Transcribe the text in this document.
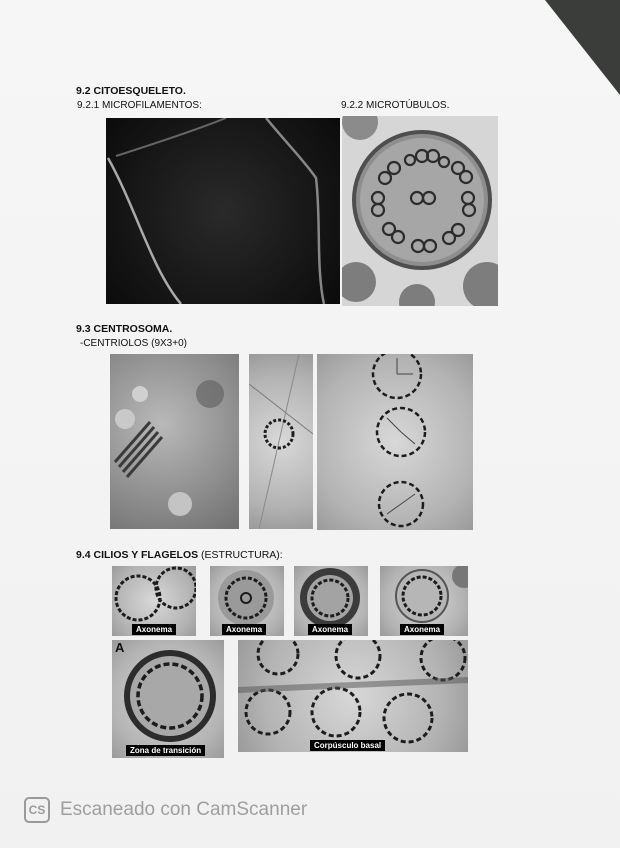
9.2 CITOESQUELETO.
9.2.1 MICROFILAMENTOS:	9.2.2 MICROTÚBULOS.
9.3 CENTROSOMA.
-CENTRIOLOS (9X3+0)
9.4 CILIOS Y FLAGELOS (ESTRUCTURA):
Axonema	Axonema	Axonema	Axonema
A
Zona de transición
Corpúsculo basal
CS Escaneado con CamScanner
